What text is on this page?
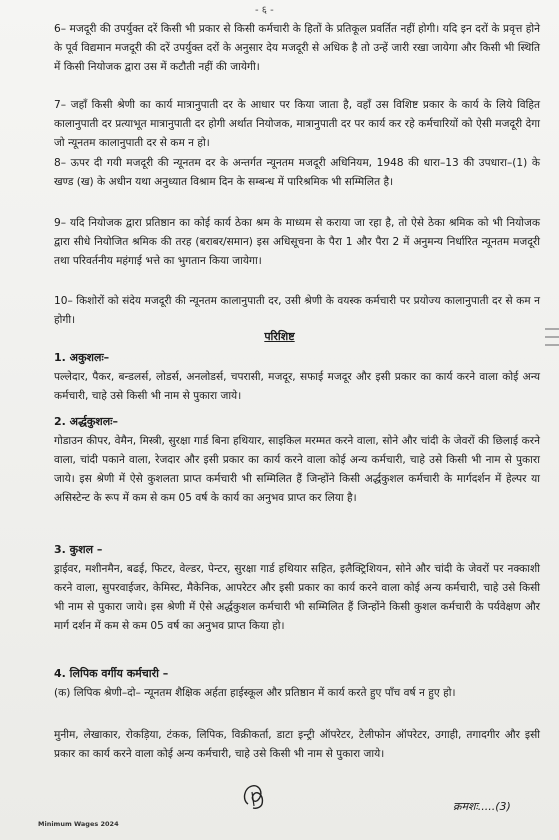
- ६ -

6– मजदूरी की उपर्युक्त दरें किसी भी प्रकार से किसी कर्मचारी के हितों के प्रतिकूल प्रवर्तित नहीं होगी। यदि इन दरों के प्रवृत्त होने के पूर्व विद्यमान मजदूरी की दरें उपर्युक्त दरों के अनुसार देय मजदूरी से अधिक है तो उन्हें जारी रखा जायेगा और किसी भी स्थिति में किसी नियोजक द्वारा उस में कटौती नहीं की जायेगी।

7– जहाँ किसी श्रेणी का कार्य मात्रानुपाती दर के आधार पर किया जाता है, वहाँ उस विशिष्ट प्रकार के कार्य के लिये विहित कालानुपाती दर प्रत्याभूत मात्रानुपाती दर होगी अर्थात नियोजक, मात्रानुपाती दर पर कार्य कर रहे कर्मचारियों को ऐसी मजदूरी देगा जो न्यूनतम कालानुपाती दर से कम न हो।

8– ऊपर दी गयी मजदूरी की न्यूनतम दर के अन्तर्गत न्यूनतम मजदूरी अधिनियम, 1948 की धारा–13 की उपधारा–(1) के खण्ड (ख) के अधीन यथा अनुध्यात विश्राम दिन के सम्बन्ध में पारिश्रमिक भी सम्मिलित है।

9– यदि नियोजक द्वारा प्रतिष्ठान का कोई कार्य ठेका श्रम के माध्यम से कराया जा रहा है, तो ऐसे ठेका श्रमिक को भी नियोजक द्वारा सीधे नियोजित श्रमिक की तरह (बराबर/समान) इस अधिसूचना के पैरा 1 और पैरा 2 में अनुमन्य निर्धारित न्यूनतम मजदूरी तथा परिवर्तनीय महंगाई भत्ते का भुगतान किया जायेगा।

10– किशोरों को संदेय मजदूरी की न्यूनतम कालानुपाती दर, उसी श्रेणी के वयस्क कर्मचारी पर प्रयोज्य कालानुपाती दर से कम न होगी।

परिशिष्ट
1. अकुशलः–

पल्लेदार, पैकर, बन्डलर्स, लोडर्स, अनलोडर्स, चपरासी, मजदूर, सफाई मजदूर और इसी प्रकार का कार्य करने वाला कोई अन्य कर्मचारी, चाहे उसे किसी भी नाम से पुकारा जाये।

2. अर्द्धकुशलः–

गोडाउन कीपर, वेमैन, मिस्त्री, सुरक्षा गार्ड बिना हथियार, साइकिल मरम्मत करने वाला, सोने और चांदी के जेवरों की छिलाई करने वाला, चांदी पकाने वाला, रेजदार और इसी प्रकार का कार्य करने वाला कोई अन्य कर्मचारी, चाहे उसे किसी भी नाम से पुकारा जाये। इस श्रेणी में ऐसे कुशलता प्राप्त कर्मचारी भी सम्मिलित हैं जिन्होंने किसी अर्द्धकुशल कर्मचारी के मार्गदर्शन में हेल्पर या असिस्टेन्ट के रूप में कम से कम 05 वर्ष के कार्य का अनुभव प्राप्त कर लिया है।

3. कुशल –

ड्राईवर, मशीनमैन, बढई, फिटर, वेल्डर, पेन्टर, सुरक्षा गार्ड हथियार सहित, इलैक्ट्रिशियन, सोने और चांदी के जेवरों पर नक्काशी करने वाला, सुपरवाईजर, केमिस्ट, मैकेनिक, आपरेटर और इसी प्रकार का कार्य करने वाला कोई अन्य कर्मचारी, चाहे उसे किसी भी नाम से पुकारा जाये। इस श्रेणी में ऐसे अर्द्धकुशल कर्मचारी भी सम्मिलित हैं जिन्होंने किसी कुशल कर्मचारी के पर्यवेक्षण और मार्ग दर्शन में कम से कम 05 वर्ष का अनुभव प्राप्त किया हो।

4. लिपिक वर्गीय कर्मचारी –

(क) लिपिक श्रेणी–दो– न्यूनतम शैक्षिक अर्हता हाईस्कूल और प्रतिष्ठान में कार्य करते हुए पाँच वर्ष न हुए हो।

मुनीम, लेखाकार, रोकड़िया, टंकक, लिपिक, विक्रीकर्ता, डाटा इन्ट्री ऑपरेटर, टेलीफोन ऑपरेटर, उगाही, तगादगीर और इसी प्रकार का कार्य करने वाला कोई अन्य कर्मचारी, चाहे उसे किसी भी नाम से पुकारा जाये।

क्रमशः.....(3)
Minimum Wages 2024
